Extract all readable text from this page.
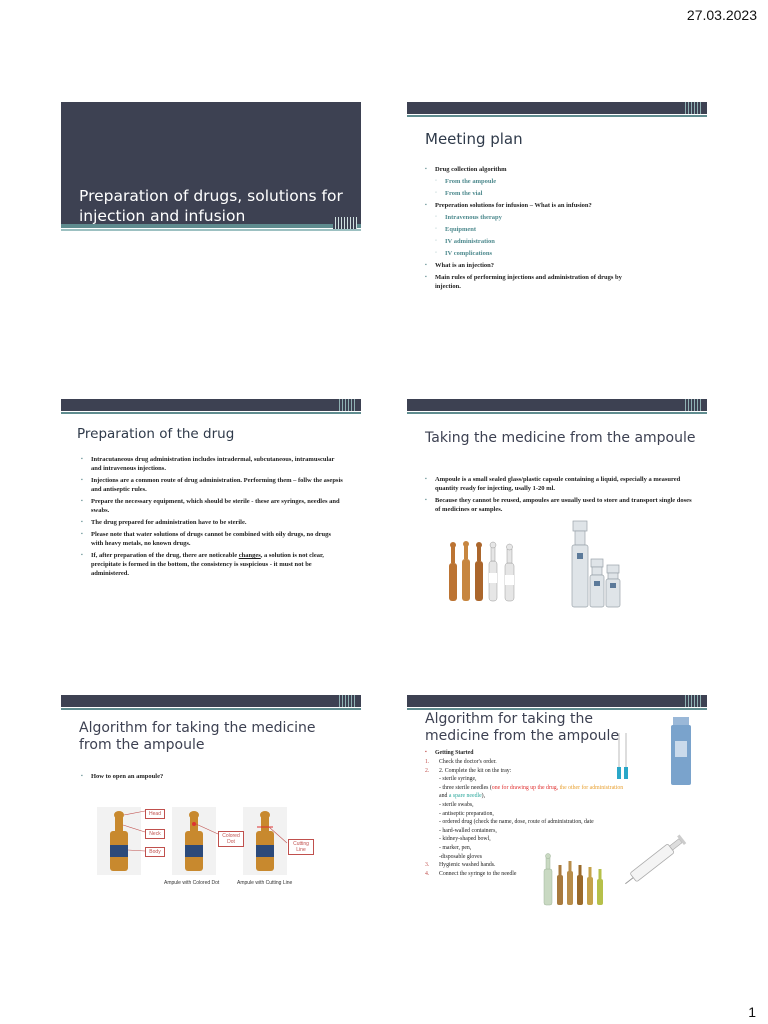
27.03.2023
Preparation of drugs, solutions for injection and infusion
Meeting plan
▪ Drug collection algorithm
◦ From the ampoule
◦ From the vial
▪ Preperation solutions for infusion – What is an infusion?
◦ Intravenous therapy
◦ Equipment
◦ IV administration
◦ IV complications
▪ What is an injection?
▪ Main rules of performing injections and administration of drugs by injection.
Preparation of the drug
▪ Intracutaneous drug administration includes intradermal, subcutaneous, intramuscular and intravenous injections.
▪ Injections are a common route of drug administration. Performing them – follw the asepsis and antiseptic rules.
▪ Prepare the necessary equipment, which should be sterile - these are syringes, needles and swabs.
▪ The drug prepared for administration have to be sterile.
▪ Please note that water solutions of drugs cannot be combined with oily drugs, no drugs with heavy metals, no known drugs.
▪ If, after preparation of the drug, there are noticeable changes, a solution is not clear, precipitate is formed in the bottom, the consistency is suspicious - it must not be administered.
Taking the medicine from the ampoule
▪ Ampoule is a small sealed glass/plastic capsule containing a liquid, especially a measured quantity ready for injecting, usally 1-20 ml.
▪ Because they cannot be reused, ampoules are usually used to store and transport single doses of medicines or samples.
Algorithm for taking the medicine from the ampoule
▪ How to open an ampoule?
Head
Neck
Body
Colored Dot	Cutting Line
Ampule with Colored Dot	Ampule with Cutting Line
Algorithm for taking the medicine from the ampoule
▪ Getting Started
1. Check the doctor's order.
2. 2. Complete the kit on the tray:
- sterile syringe,
- three sterile needles (one for drawing up the drug, the other for administration
and a spare needle),
- sterile swabs,
- antiseptic preparation,
- ordered drug (check the name, dose, route of administration, date
- hard-walled containers,
- kidney-shaped bowl,
- marker, pen,
-disposable gloves
3. Hygienic washed hands.
4. Connect the syringe to the needle
1
